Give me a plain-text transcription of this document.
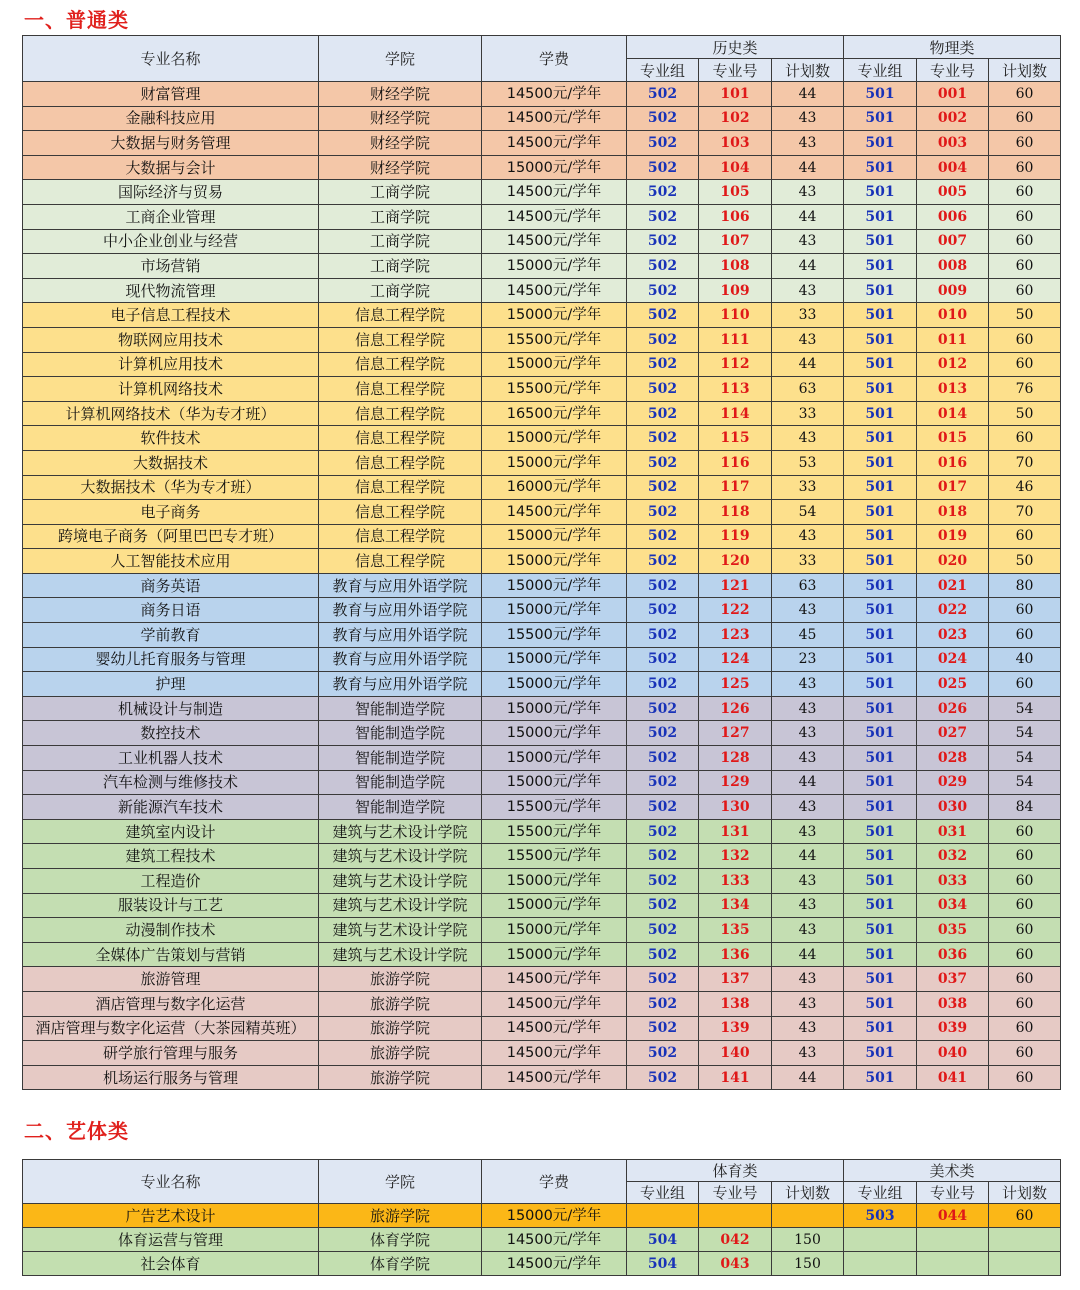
一、普通类
专业名称	学院	学费	历史类			物理类		
			专业组	专业号	计划数	专业组	专业号	计划数
财富管理	财经学院	14500元/学年	502	101	44	501	001	60
金融科技应用	财经学院	14500元/学年	502	102	43	501	002	60
大数据与财务管理	财经学院	14500元/学年	502	103	43	501	003	60
大数据与会计	财经学院	15000元/学年	502	104	44	501	004	60
国际经济与贸易	工商学院	14500元/学年	502	105	43	501	005	60
工商企业管理	工商学院	14500元/学年	502	106	44	501	006	60
中小企业创业与经营	工商学院	14500元/学年	502	107	43	501	007	60
市场营销	工商学院	15000元/学年	502	108	44	501	008	60
现代物流管理	工商学院	14500元/学年	502	109	43	501	009	60
电子信息工程技术	信息工程学院	15000元/学年	502	110	33	501	010	50
物联网应用技术	信息工程学院	15500元/学年	502	111	43	501	011	60
计算机应用技术	信息工程学院	15000元/学年	502	112	44	501	012	60
计算机网络技术	信息工程学院	15500元/学年	502	113	63	501	013	76
计算机网络技术（华为专才班）	信息工程学院	16500元/学年	502	114	33	501	014	50
软件技术	信息工程学院	15000元/学年	502	115	43	501	015	60
大数据技术	信息工程学院	15000元/学年	502	116	53	501	016	70
大数据技术（华为专才班）	信息工程学院	16000元/学年	502	117	33	501	017	46
电子商务	信息工程学院	14500元/学年	502	118	54	501	018	70
跨境电子商务（阿里巴巴专才班）	信息工程学院	15000元/学年	502	119	43	501	019	60
人工智能技术应用	信息工程学院	15000元/学年	502	120	33	501	020	50
商务英语	教育与应用外语学院	15000元/学年	502	121	63	501	021	80
商务日语	教育与应用外语学院	15000元/学年	502	122	43	501	022	60
学前教育	教育与应用外语学院	15500元/学年	502	123	45	501	023	60
婴幼儿托育服务与管理	教育与应用外语学院	15000元/学年	502	124	23	501	024	40
护理	教育与应用外语学院	15000元/学年	502	125	43	501	025	60
机械设计与制造	智能制造学院	15000元/学年	502	126	43	501	026	54
数控技术	智能制造学院	15000元/学年	502	127	43	501	027	54
工业机器人技术	智能制造学院	15000元/学年	502	128	43	501	028	54
汽车检测与维修技术	智能制造学院	15000元/学年	502	129	44	501	029	54
新能源汽车技术	智能制造学院	15500元/学年	502	130	43	501	030	84
建筑室内设计	建筑与艺术设计学院	15500元/学年	502	131	43	501	031	60
建筑工程技术	建筑与艺术设计学院	15500元/学年	502	132	44	501	032	60
工程造价	建筑与艺术设计学院	15000元/学年	502	133	43	501	033	60
服装设计与工艺	建筑与艺术设计学院	15000元/学年	502	134	43	501	034	60
动漫制作技术	建筑与艺术设计学院	15000元/学年	502	135	43	501	035	60
全媒体广告策划与营销	建筑与艺术设计学院	15000元/学年	502	136	44	501	036	60
旅游管理	旅游学院	14500元/学年	502	137	43	501	037	60
酒店管理与数字化运营	旅游学院	14500元/学年	502	138	43	501	038	60
酒店管理与数字化运营（大茶园精英班）	旅游学院	14500元/学年	502	139	43	501	039	60
研学旅行管理与服务	旅游学院	14500元/学年	502	140	43	501	040	60
机场运行服务与管理	旅游学院	14500元/学年	502	141	44	501	041	60
二、艺体类
专业名称	学院	学费	体育类			美术类		
			专业组	专业号	计划数	专业组	专业号	计划数
广告艺术设计	旅游学院	15000元/学年				503	044	60
体育运营与管理	体育学院	14500元/学年	504	042	150			
社会体育	体育学院	14500元/学年	504	043	150			
